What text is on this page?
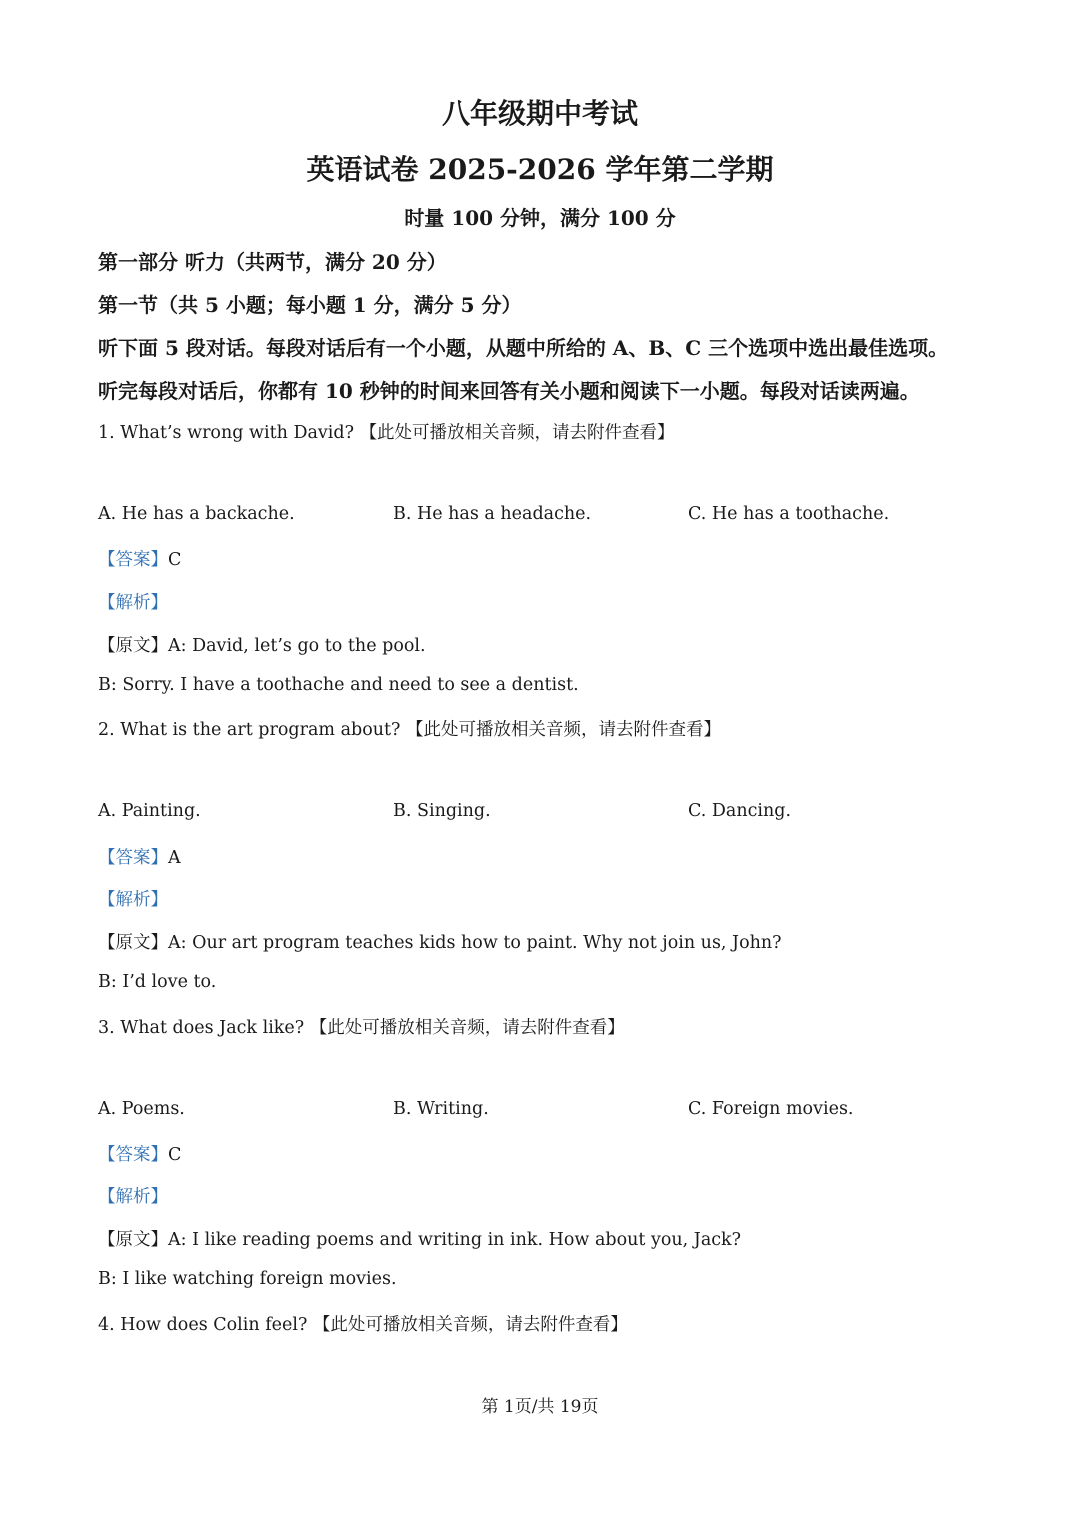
八年级期中考试
英语试卷 2025-2026 学年第二学期
时量 100 分钟，满分 100 分
第一部分 听力（共两节，满分 20 分）
第一节（共 5 小题；每小题 1 分，满分 5 分）
听下面 5 段对话。每段对话后有一个小题，从题中所给的 A、B、C 三个选项中选出最佳选项。
听完每段对话后，你都有 10 秒钟的时间来回答有关小题和阅读下一小题。每段对话读两遍。
1. What’s wrong with David? 【此处可播放相关音频，请去附件查看】
A. He has a backache.	B. He has a headache.	C. He has a toothache.
【答案】C
【解析】
【原文】A: David, let’s go to the pool.
B: Sorry. I have a toothache and need to see a dentist.
2. What is the art program about? 【此处可播放相关音频，请去附件查看】
A. Painting.	B. Singing.	C. Dancing.
【答案】A
【解析】
【原文】A: Our art program teaches kids how to paint. Why not join us, John?
B: I’d love to.
3. What does Jack like? 【此处可播放相关音频，请去附件查看】
A. Poems.	B. Writing.	C. Foreign movies.
【答案】C
【解析】
【原文】A: I like reading poems and writing in ink. How about you, Jack?
B: I like watching foreign movies.
4. How does Colin feel? 【此处可播放相关音频，请去附件查看】
第 1页/共 19页
